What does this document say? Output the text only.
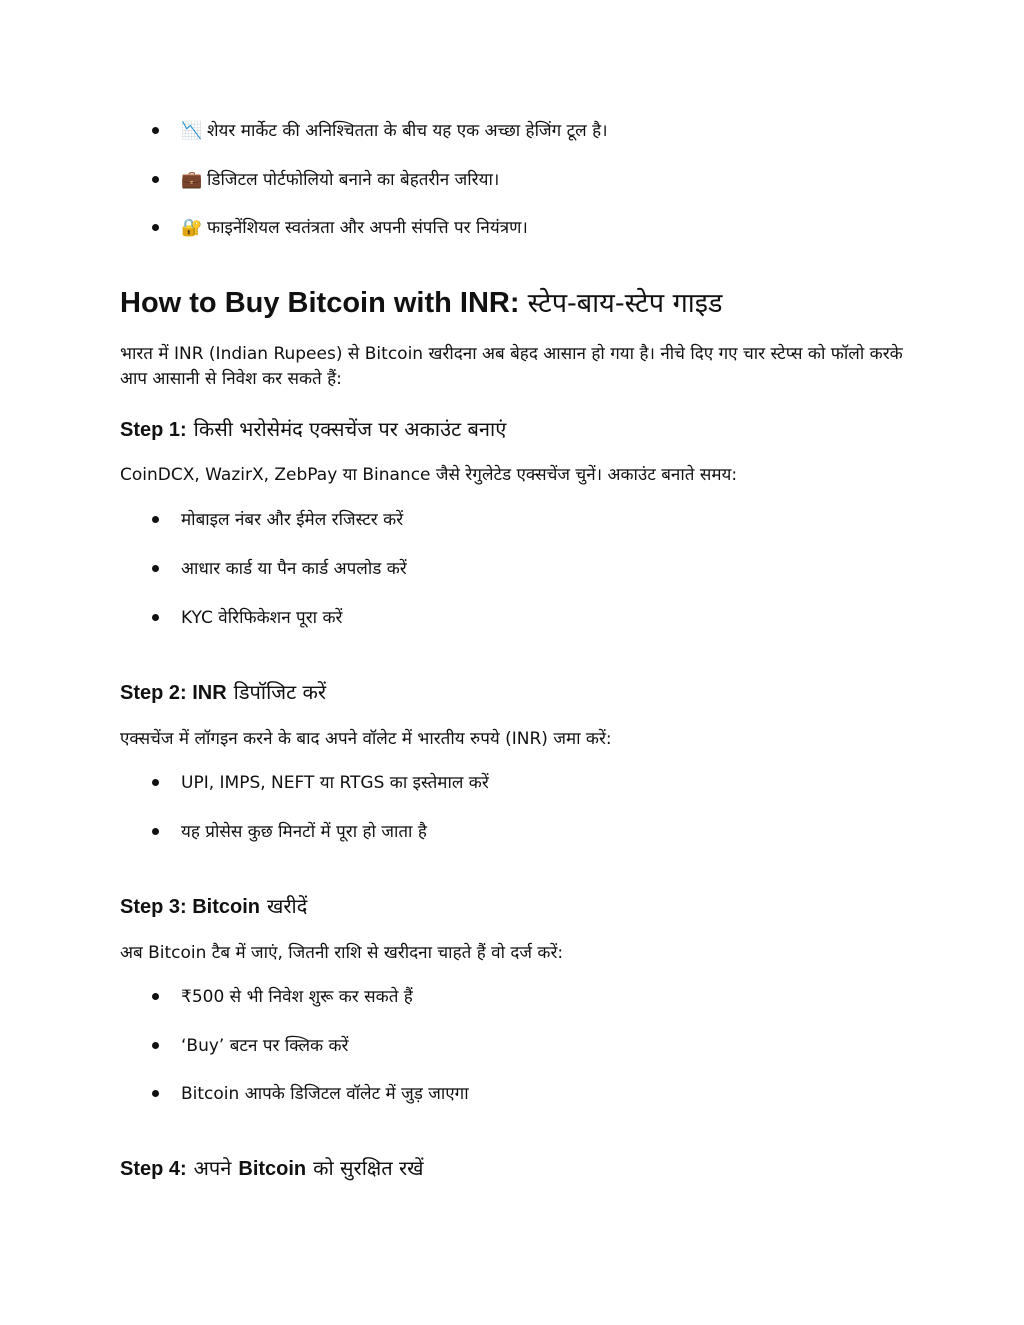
📉 शेयर मार्केट की अनिश्चितता के बीच यह एक अच्छा हेजिंग टूल है।
💼 डिजिटल पोर्टफोलियो बनाने का बेहतरीन जरिया।
🔐 फाइनेंशियल स्वतंत्रता और अपनी संपत्ति पर नियंत्रण।
How to Buy Bitcoin with INR: स्टेप-बाय-स्टेप गाइड

भारत में INR (Indian Rupees) से Bitcoin खरीदना अब बेहद आसान हो गया है। नीचे दिए गए चार स्टेप्स को फॉलो करके आप आसानी से निवेश कर सकते हैं:

Step 1: किसी भरोसेमंद एक्सचेंज पर अकाउंट बनाएं

CoinDCX, WazirX, ZebPay या Binance जैसे रेगुलेटेड एक्सचेंज चुनें। अकाउंट बनाते समय:

मोबाइल नंबर और ईमेल रजिस्टर करें
आधार कार्ड या पैन कार्ड अपलोड करें
KYC वेरिफिकेशन पूरा करें
Step 2: INR डिपॉजिट करें

एक्सचेंज में लॉगइन करने के बाद अपने वॉलेट में भारतीय रुपये (INR) जमा करें:

UPI, IMPS, NEFT या RTGS का इस्तेमाल करें
यह प्रोसेस कुछ मिनटों में पूरा हो जाता है
Step 3: Bitcoin खरीदें

अब Bitcoin टैब में जाएं, जितनी राशि से खरीदना चाहते हैं वो दर्ज करें:

₹500 से भी निवेश शुरू कर सकते हैं
‘Buy’ बटन पर क्लिक करें
Bitcoin आपके डिजिटल वॉलेट में जुड़ जाएगा
Step 4: अपने Bitcoin को सुरक्षित रखें
